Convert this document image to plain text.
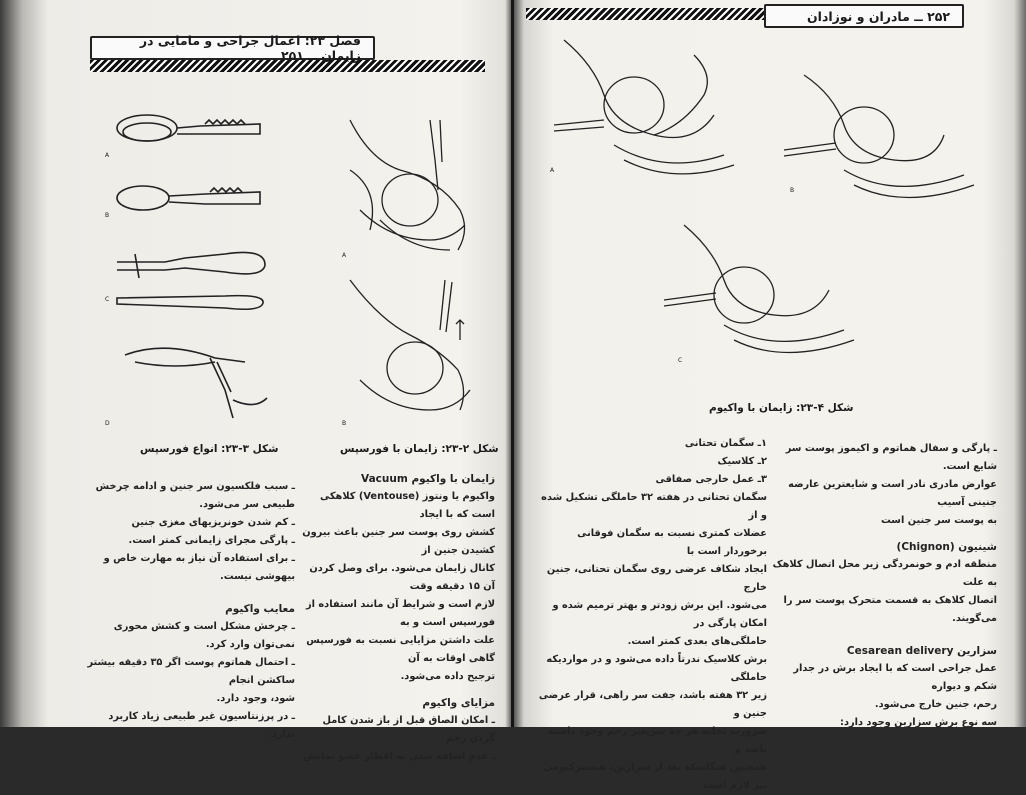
فصل ۲۳: اعمال جراحی و مامایی در زایمان ــ ۲۵۱
A
B
C
D
شکل ۳-۲۳: انواع فورسپس
A
B
شکل ۲-۲۳: زایمان با فورسپس

زایمان با واکیوم Vacuum

واکیوم یا ونتوز (Ventouse) کلاهکی است که با ایجاد

کشش روی پوست سر جنین باعث بیرون کشیدن جنین از

کانال زایمان می‌شود. برای وصل کردن آن ۱۵ دقیقه وقت

لازم است و شرایط آن مانند استفاده از فورسپس است و به

علت داشتن مزایایی نسبت به فورسپس گاهی اوقات به آن

ترجیح داده می‌شود.

مزایای واکیوم

ـ امکان الصاق قبل از باز شدن کامل گردن رحم

ـ عدم اضافه شدن به اقطار عضو نمایش

ـ سبب فلکسیون سر جنین و ادامه چرخش طبیعی سر می‌شود.

ـ کم شدن خونریزیهای مغزی جنین

ـ پارگی مجرای زایمانی کمتر است.

ـ برای استفاده آن نیاز به مهارت خاص و بیهوشی نیست.

معایب واکیوم

ـ چرخش مشکل است و کشش محوری نمی‌توان وارد کرد.

ـ احتمال هماتوم پوست اگر ۳۵ دقیقه بیشتر ساکشن انجام

شود، وجود دارد.

ـ در پرزنتاسیون غیر طبیعی زیاد کاربرد ندارد.

۲۵۲ ــ مادران و نوزادان
A
B
C
شکل ۴-۲۳: زایمان با واکیوم

۱ـ سگمان تحتانی

۲ـ کلاسیک

۳ـ عمل خارجی صفاقی

سگمان تحتانی در هفته ۳۲ حاملگی تشکیل شده و از

عضلات کمتری نسبت به سگمان فوقانی برخوردار است با

ایجاد شکاف عرضی روی سگمان تحتانی، جنین خارج

می‌شود. این برش زودتر و بهتر ترمیم شده و امکان پارگی در

حاملگی‌های بعدی کمتر است.

برش کلاسیک ندرتاً داده می‌شود و در مواردیکه حاملگی

زیر ۳۲ هفته باشد، جفت سر راهی، قرار عرضی جنین و

ضرورت تخلیه هر چه سریعتر رحم وجود داشته باشد و

همچنین هنگامیکه بعد از سزارین، هیسترکتومی نیز لازم است

ـ پارگی و سفال هماتوم و اکیموز پوست سر شایع است.

عوارض مادری نادر است و شایعترین عارضه جنینی آسیب

به پوست سر جنین است

شینیون (Chignon)

منطقه ادم و خونمردگی زیر محل اتصال کلاهک به علت

اتصال کلاهک به قسمت متحرک پوست سر را می‌گویند.

سزارین Cesarean delivery

عمل جراحی است که با ایجاد برش در جدار شکم و دیواره

رحم، جنین خارج می‌شود.

سه نوع برش سزارین وجود دارد:
